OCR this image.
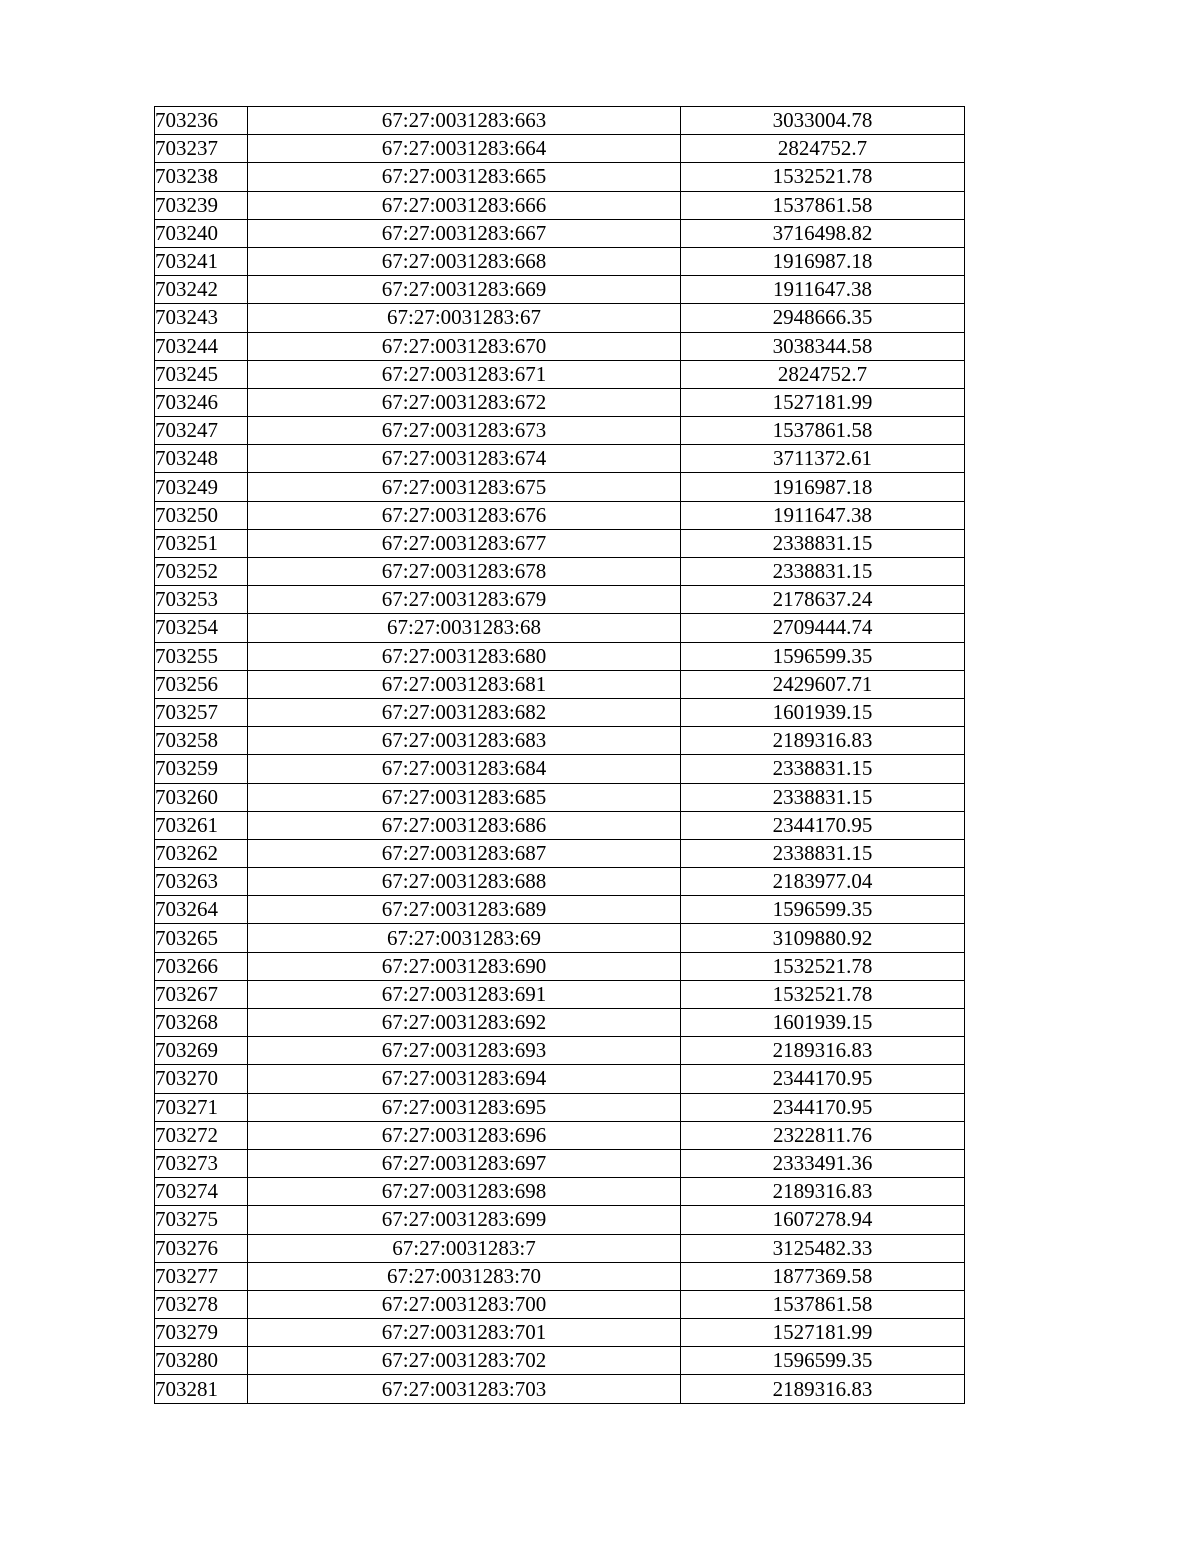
703236	67:27:0031283:663	3033004.78
703237	67:27:0031283:664	2824752.7
703238	67:27:0031283:665	1532521.78
703239	67:27:0031283:666	1537861.58
703240	67:27:0031283:667	3716498.82
703241	67:27:0031283:668	1916987.18
703242	67:27:0031283:669	1911647.38
703243	67:27:0031283:67	2948666.35
703244	67:27:0031283:670	3038344.58
703245	67:27:0031283:671	2824752.7
703246	67:27:0031283:672	1527181.99
703247	67:27:0031283:673	1537861.58
703248	67:27:0031283:674	3711372.61
703249	67:27:0031283:675	1916987.18
703250	67:27:0031283:676	1911647.38
703251	67:27:0031283:677	2338831.15
703252	67:27:0031283:678	2338831.15
703253	67:27:0031283:679	2178637.24
703254	67:27:0031283:68	2709444.74
703255	67:27:0031283:680	1596599.35
703256	67:27:0031283:681	2429607.71
703257	67:27:0031283:682	1601939.15
703258	67:27:0031283:683	2189316.83
703259	67:27:0031283:684	2338831.15
703260	67:27:0031283:685	2338831.15
703261	67:27:0031283:686	2344170.95
703262	67:27:0031283:687	2338831.15
703263	67:27:0031283:688	2183977.04
703264	67:27:0031283:689	1596599.35
703265	67:27:0031283:69	3109880.92
703266	67:27:0031283:690	1532521.78
703267	67:27:0031283:691	1532521.78
703268	67:27:0031283:692	1601939.15
703269	67:27:0031283:693	2189316.83
703270	67:27:0031283:694	2344170.95
703271	67:27:0031283:695	2344170.95
703272	67:27:0031283:696	2322811.76
703273	67:27:0031283:697	2333491.36
703274	67:27:0031283:698	2189316.83
703275	67:27:0031283:699	1607278.94
703276	67:27:0031283:7	3125482.33
703277	67:27:0031283:70	1877369.58
703278	67:27:0031283:700	1537861.58
703279	67:27:0031283:701	1527181.99
703280	67:27:0031283:702	1596599.35
703281	67:27:0031283:703	2189316.83
